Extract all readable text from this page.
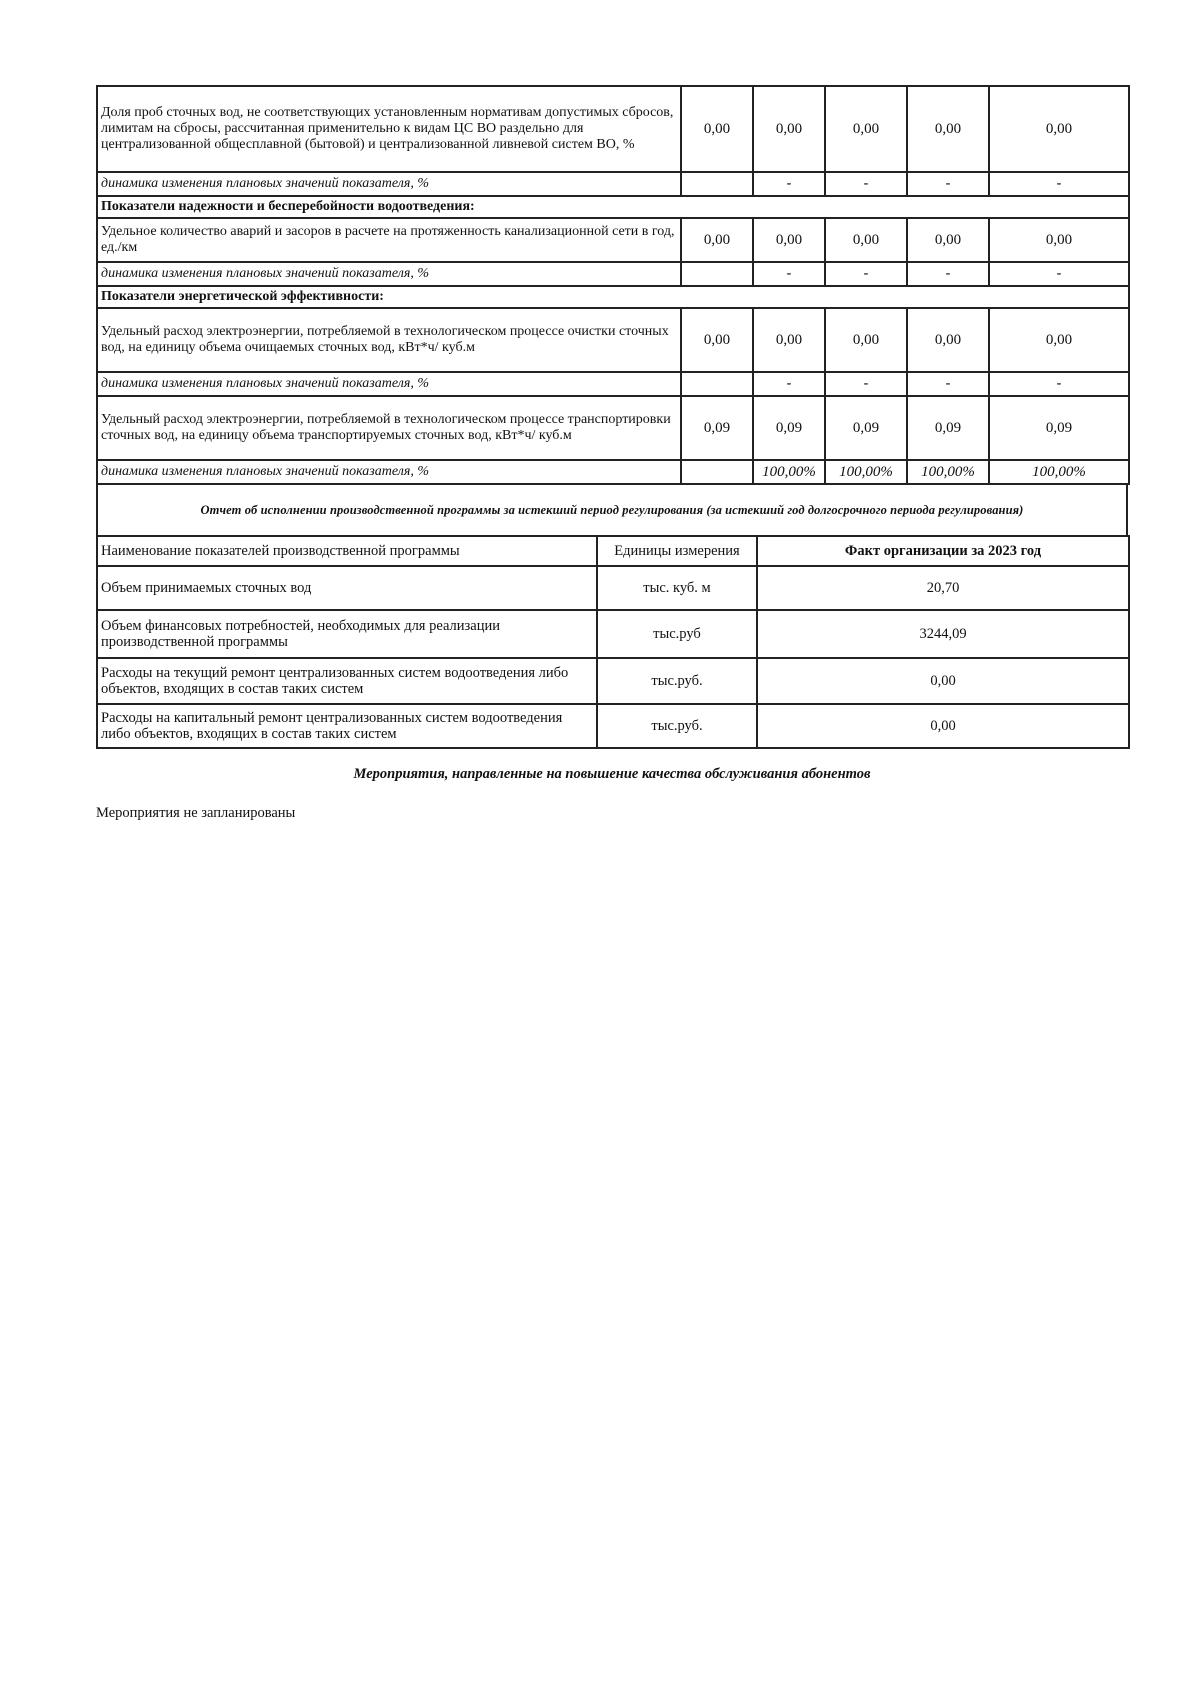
Доля проб сточных вод, не соответствующих установленным нормативам допустимых сбросов, лимитам на сбросы, рассчитанная применительно к видам ЦС ВО раздельно для централизованной общесплавной (бытовой) и централизованной ливневой систем ВО, %	0,00	0,00	0,00	0,00	0,00
динамика изменения плановых значений показателя, %		-	-	-	-
Показатели надежности и бесперебойности водоотведения:					
Удельное количество аварий и засоров в расчете на протяженность канализационной сети в год, ед./км	0,00	0,00	0,00	0,00	0,00
динамика изменения плановых значений показателя, %		-	-	-	-
Показатели энергетической эффективности:					
Удельный расход электроэнергии, потребляемой в технологическом процессе очистки сточных вод, на единицу объема очищаемых сточных вод, кВт*ч/ куб.м	0,00	0,00	0,00	0,00	0,00
динамика изменения плановых значений показателя, %		-	-	-	-
Удельный расход электроэнергии, потребляемой в технологическом процессе транспортировки сточных вод, на единицу объема транспортируемых сточных вод, кВт*ч/ куб.м	0,09	0,09	0,09	0,09	0,09
динамика изменения плановых значений показателя, %		100,00%	100,00%	100,00%	100,00%
Отчет об исполнении производственной программы за истекший период регулирования (за истекший год долгосрочного периода регулирования)
Наименование показателей производственной программы	Единицы измерения	Факт организации за 2023 год
Объем принимаемых сточных вод	тыс. куб. м	20,70
Объем финансовых потребностей, необходимых для реализации производственной программы	тыс.руб	3244,09
Расходы на текущий ремонт централизованных систем водоотведения либо объектов, входящих в состав таких систем	тыс.руб.	0,00
Расходы на капитальный ремонт централизованных систем водоотведения либо объектов, входящих в состав таких систем	тыс.руб.	0,00
Мероприятия, направленные на повышение качества обслуживания абонентов
Мероприятия не запланированы
